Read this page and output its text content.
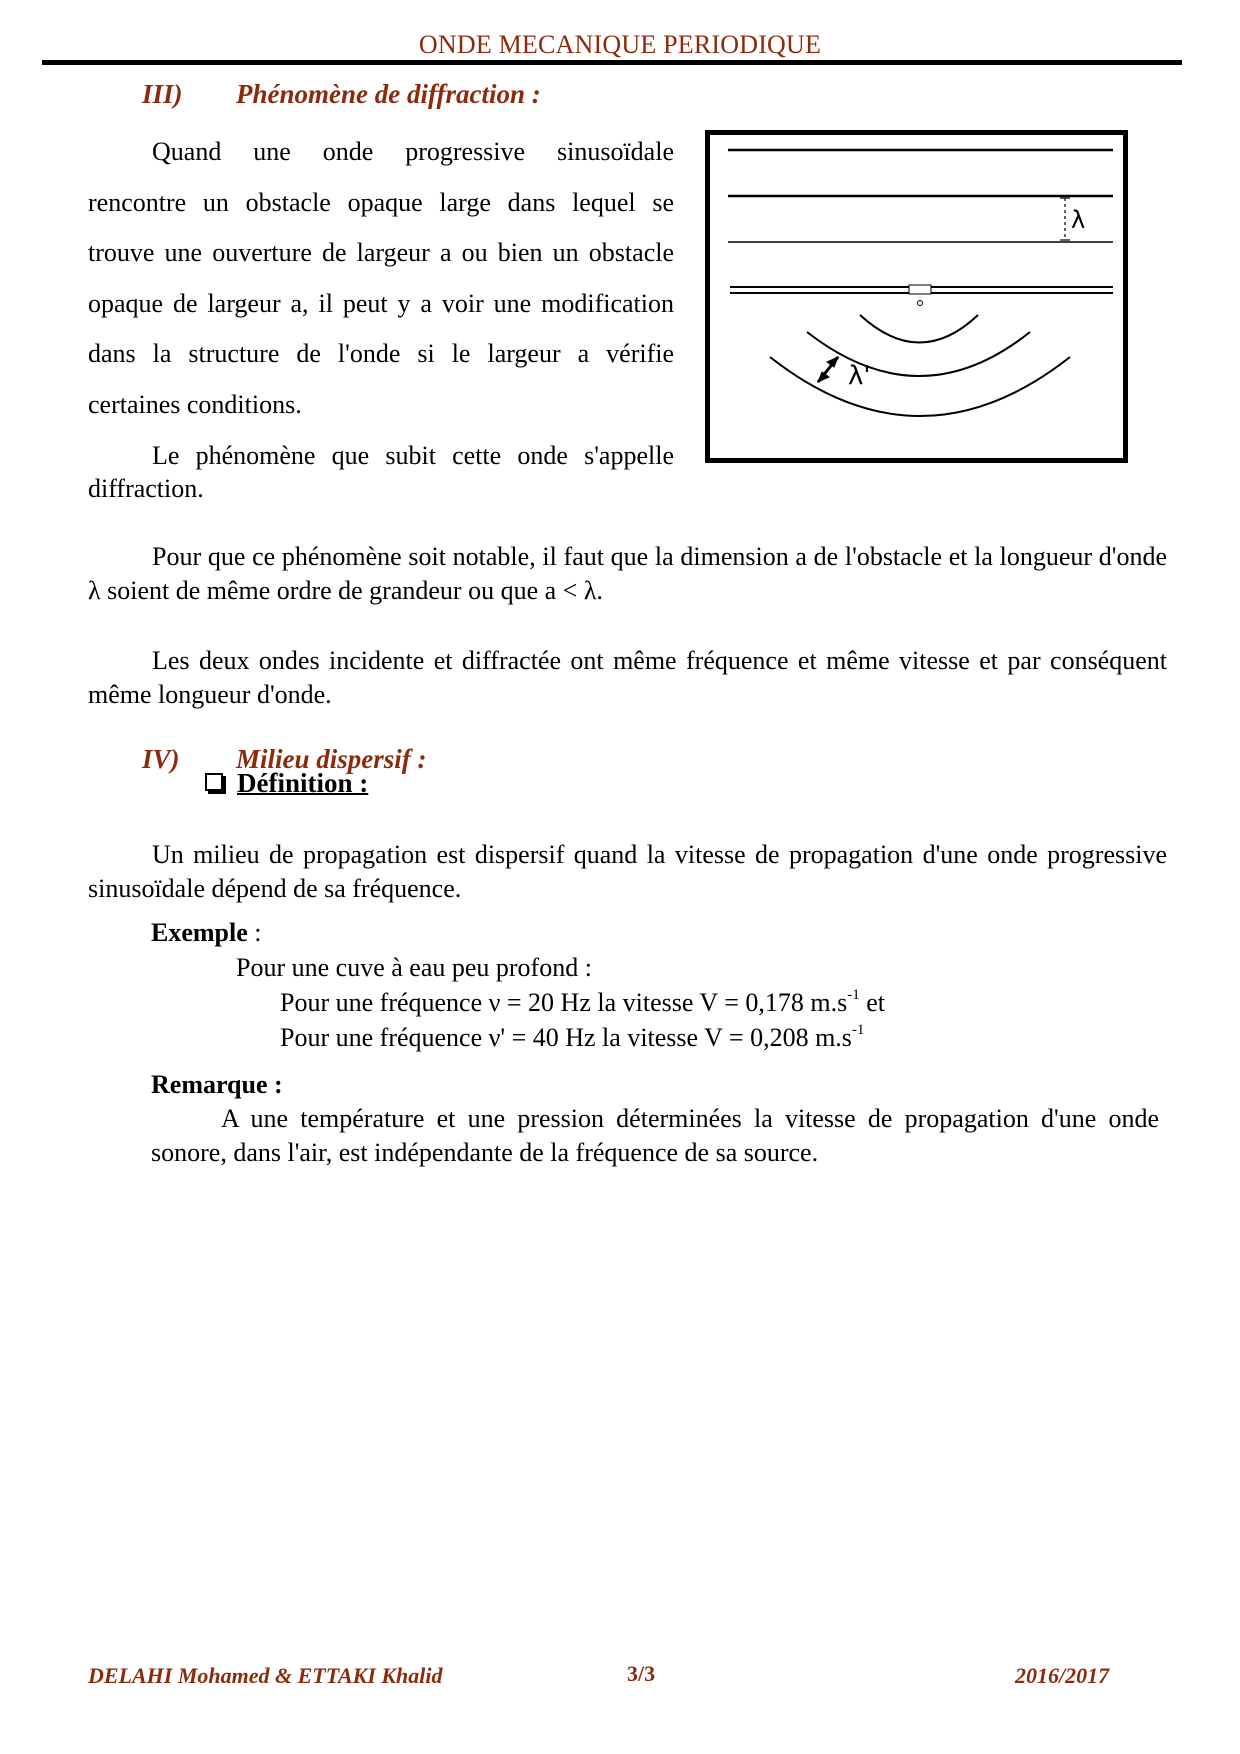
ONDE MECANIQUE PERIODIQUE
III) Phénomène de diffraction :

Quand une onde progressive sinusoïdale rencontre un obstacle opaque large dans lequel se trouve une ouverture de largeur a ou bien un obstacle opaque de largeur a, il peut y a voir une modification dans la structure de l'onde si le largeur a vérifie certaines conditions.

Le phénomène que subit cette onde s'appelle diffraction.

λ
λ'
Pour que ce phénomène soit notable, il faut que la dimension a de l'obstacle et la longueur d'onde λ soient de même ordre de grandeur ou que a < λ.
Les deux ondes incidente et diffractée ont même fréquence et même vitesse et par conséquent même longueur d'onde.
IV) Milieu dispersif :
Définition :
Un milieu de propagation est dispersif quand la vitesse de propagation d'une onde progressive sinusoïdale dépend de sa fréquence.
Exemple :
Pour une cuve à eau peu profond :
Pour une fréquence ν = 20 Hz la vitesse V = 0,178 $m.s^{-1}$ et
Pour une fréquence ν' = 40 Hz la vitesse V = 0,208 $m.s^{-1}$
Remarque :
A une température et une pression déterminées la vitesse de propagation d'une onde sonore, dans l'air, est indépendante de la fréquence de sa source.
DELAHI Mohamed & ETTAKI Khalid	3/3	2016/2017
